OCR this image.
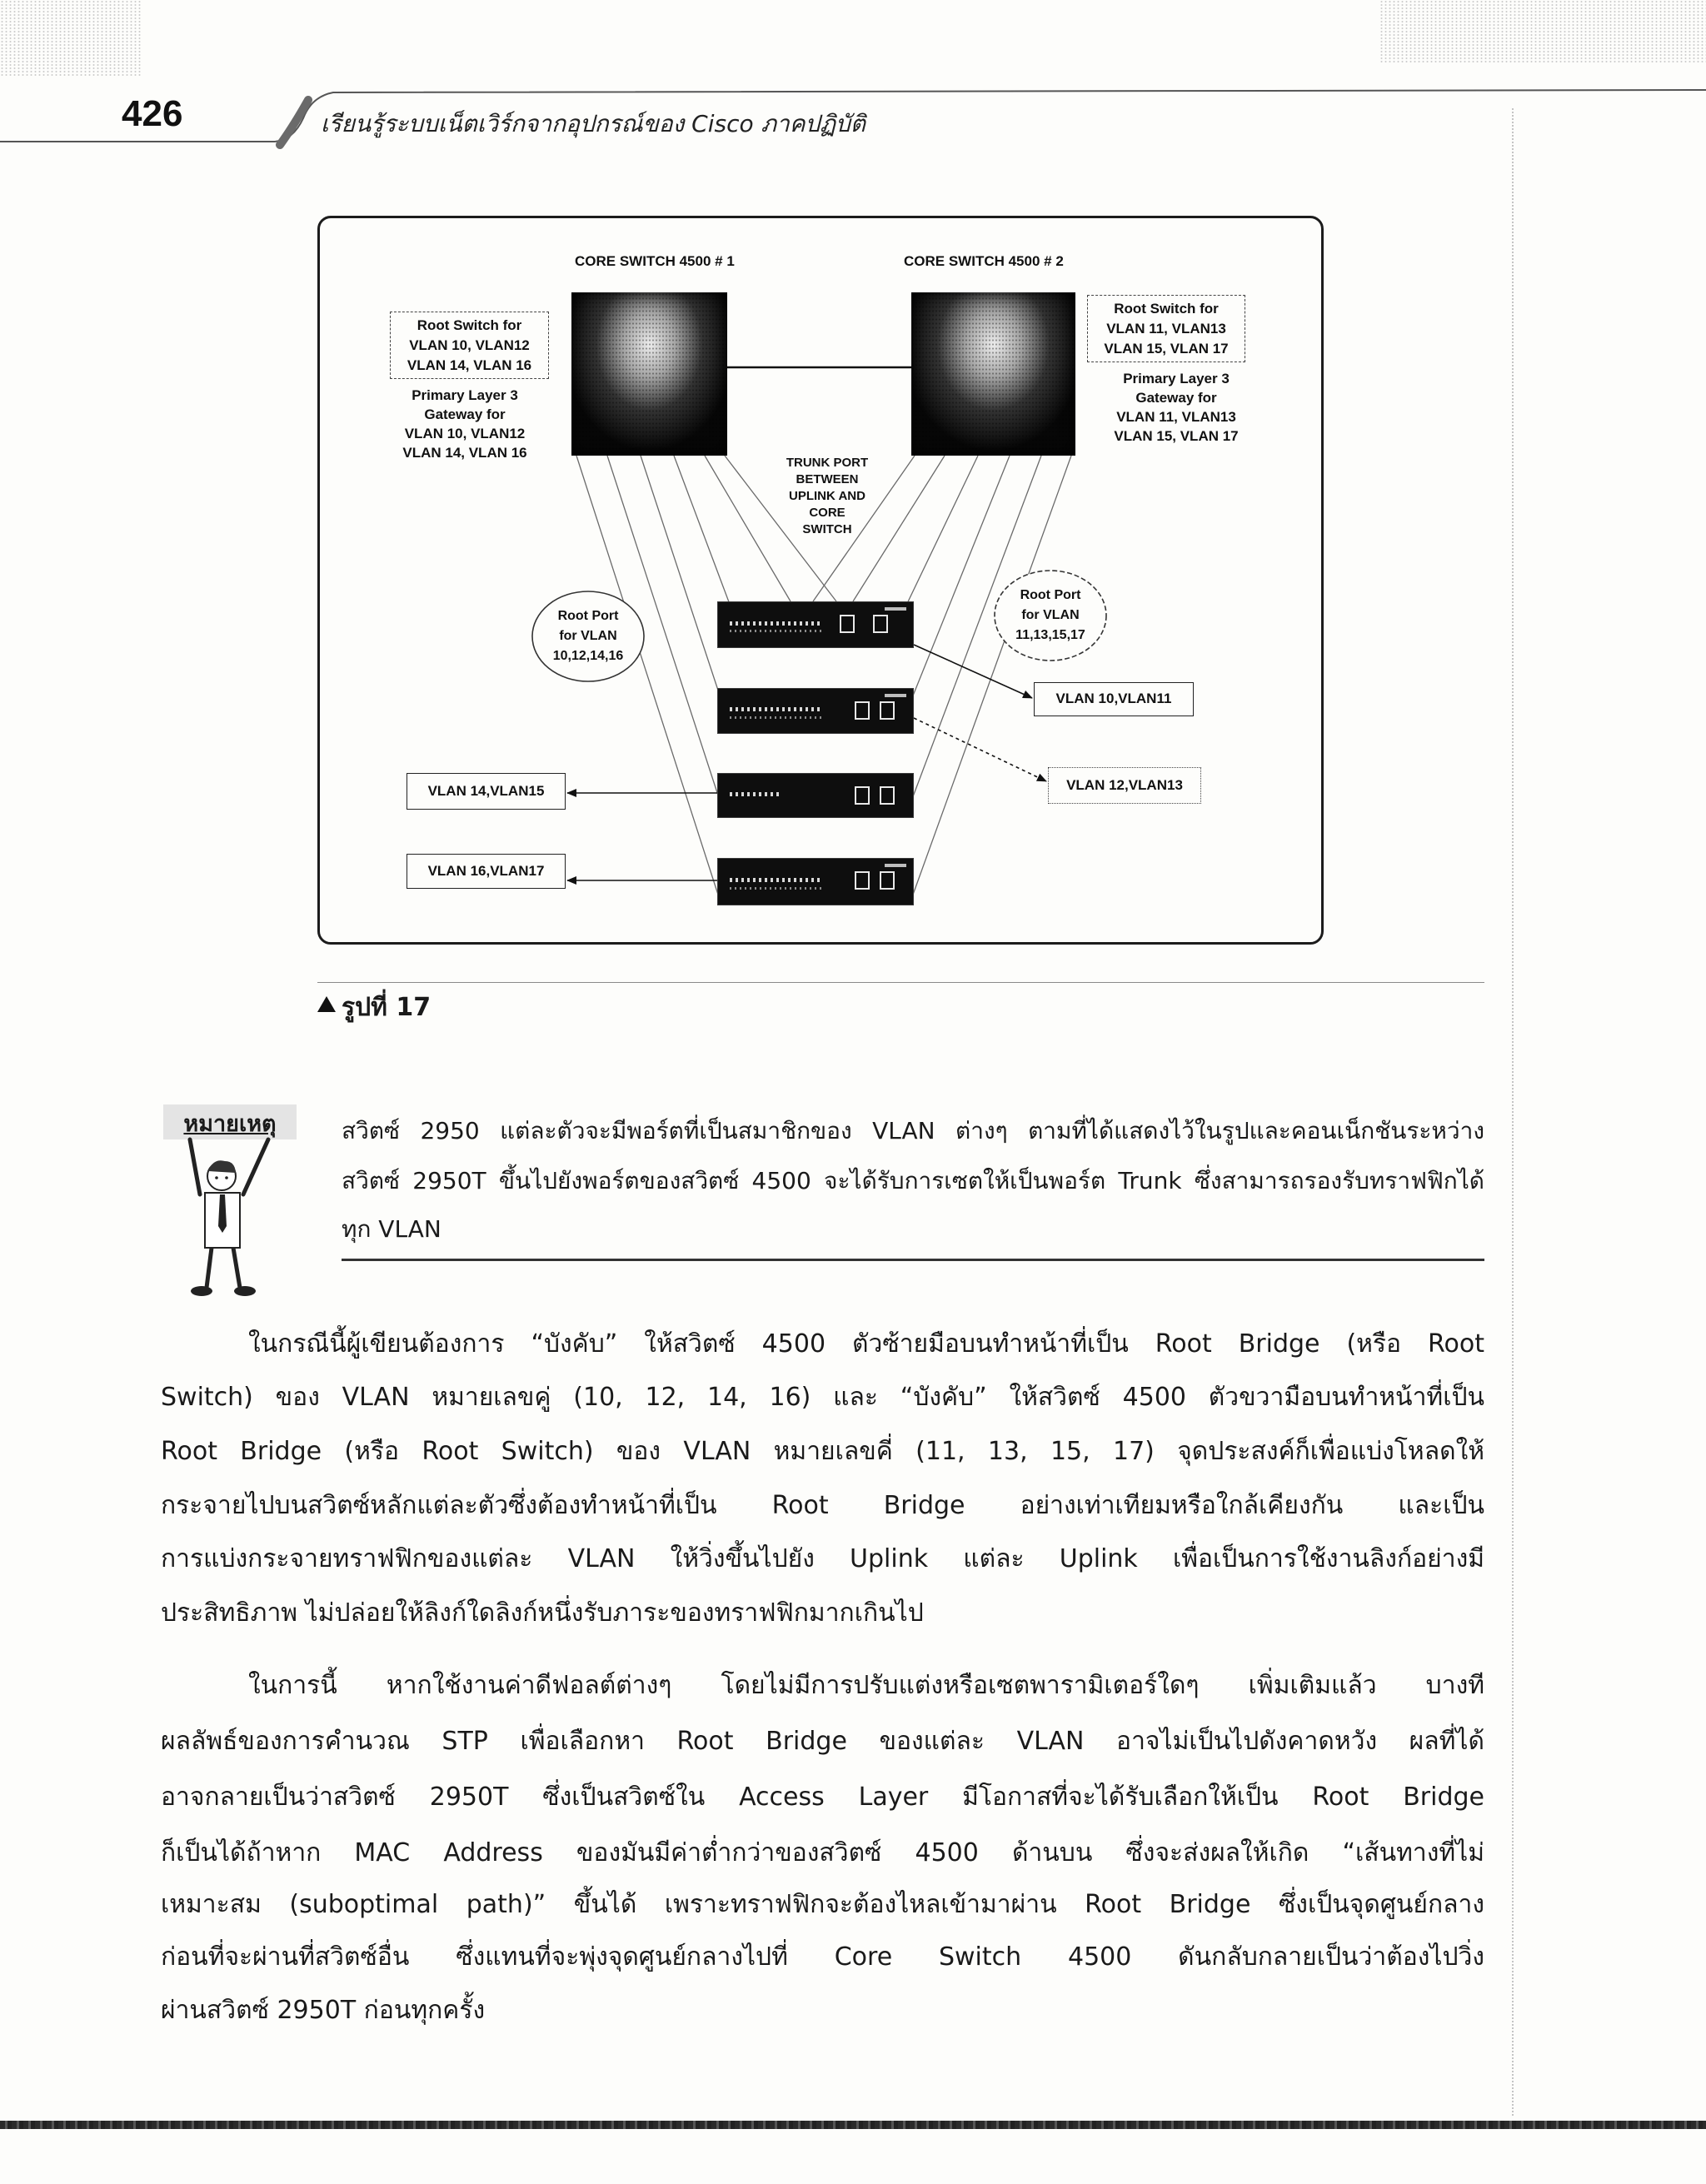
426	เรียนรู้ระบบเน็ตเวิร์กจากอุปกรณ์ของ Cisco ภาคปฏิบัติ
CORE SWITCH 4500 # 1	CORE SWITCH 4500 # 2
Root Switch for
VLAN 10, VLAN12
VLAN 14, VLAN 16
Primary Layer 3
Gateway for
VLAN 10, VLAN12
VLAN 14, VLAN 16
Root Switch for
VLAN 11, VLAN13
VLAN 15, VLAN 17
Primary Layer 3
Gateway for
VLAN 11, VLAN13
VLAN 15, VLAN 17
TRUNK PORT
BETWEEN
UPLINK AND
CORE
SWITCH
Root Port
for VLAN
10,12,14,16
Root Port
for VLAN
11,13,15,17
VLAN 10,VLAN11
VLAN 12,VLAN13
VLAN 14,VLAN15
VLAN 16,VLAN17
รูปที่ 17
หมายเหตุ	สวิตซ์ 2950 แต่ละตัวจะมีพอร์ตที่เป็นสมาชิกของ VLAN ต่างๆ ตามที่ได้แสดงไว้ในรูปและคอนเน็กชันระหว่าง
สวิตซ์ 2950T ขึ้นไปยังพอร์ตของสวิตซ์ 4500 จะได้รับการเซตให้เป็นพอร์ต Trunk ซึ่งสามารถรองรับทราฟฟิกได้
ทุก VLAN
ในกรณีนี้ผู้เขียนต้องการ “บังคับ” ให้สวิตซ์ 4500 ตัวซ้ายมือบนทำหน้าที่เป็น Root Bridge (หรือ Root
Switch) ของ VLAN หมายเลขคู่ (10, 12, 14, 16) และ “บังคับ” ให้สวิตซ์ 4500 ตัวขวามือบนทำหน้าที่เป็น
Root Bridge (หรือ Root Switch) ของ VLAN หมายเลขคี่ (11, 13, 15, 17) จุดประสงค์ก็เพื่อแบ่งโหลดให้
กระจายไปบนสวิตซ์หลักแต่ละตัวซึ่งต้องทำหน้าที่เป็น Root Bridge อย่างเท่าเทียมหรือใกล้เคียงกัน และเป็น
การแบ่งกระจายทราฟฟิกของแต่ละ VLAN ให้วิ่งขึ้นไปยัง Uplink แต่ละ Uplink เพื่อเป็นการใช้งานลิงก์อย่างมี
ประสิทธิภาพ ไม่ปล่อยให้ลิงก์ใดลิงก์หนึ่งรับภาระของทราฟฟิกมากเกินไป
ในการนี้ หากใช้งานค่าดีฟอลต์ต่างๆ โดยไม่มีการปรับแต่งหรือเซตพารามิเตอร์ใดๆ เพิ่มเติมแล้ว บางที
ผลลัพธ์ของการคำนวณ STP เพื่อเลือกหา Root Bridge ของแต่ละ VLAN อาจไม่เป็นไปดังคาดหวัง ผลที่ได้
อาจกลายเป็นว่าสวิตซ์ 2950T ซึ่งเป็นสวิตซ์ใน Access Layer มีโอกาสที่จะได้รับเลือกให้เป็น Root Bridge
ก็เป็นได้ถ้าหาก MAC Address ของมันมีค่าต่ำกว่าของสวิตซ์ 4500 ด้านบน ซึ่งจะส่งผลให้เกิด “เส้นทางที่ไม่
เหมาะสม (suboptimal path)” ขึ้นได้ เพราะทราฟฟิกจะต้องไหลเข้ามาผ่าน Root Bridge ซึ่งเป็นจุดศูนย์กลาง
ก่อนที่จะผ่านที่สวิตซ์อื่น ซึ่งแทนที่จะพุ่งจุดศูนย์กลางไปที่ Core Switch 4500 ดันกลับกลายเป็นว่าต้องไปวิ่ง
ผ่านสวิตซ์ 2950T ก่อนทุกครั้ง
